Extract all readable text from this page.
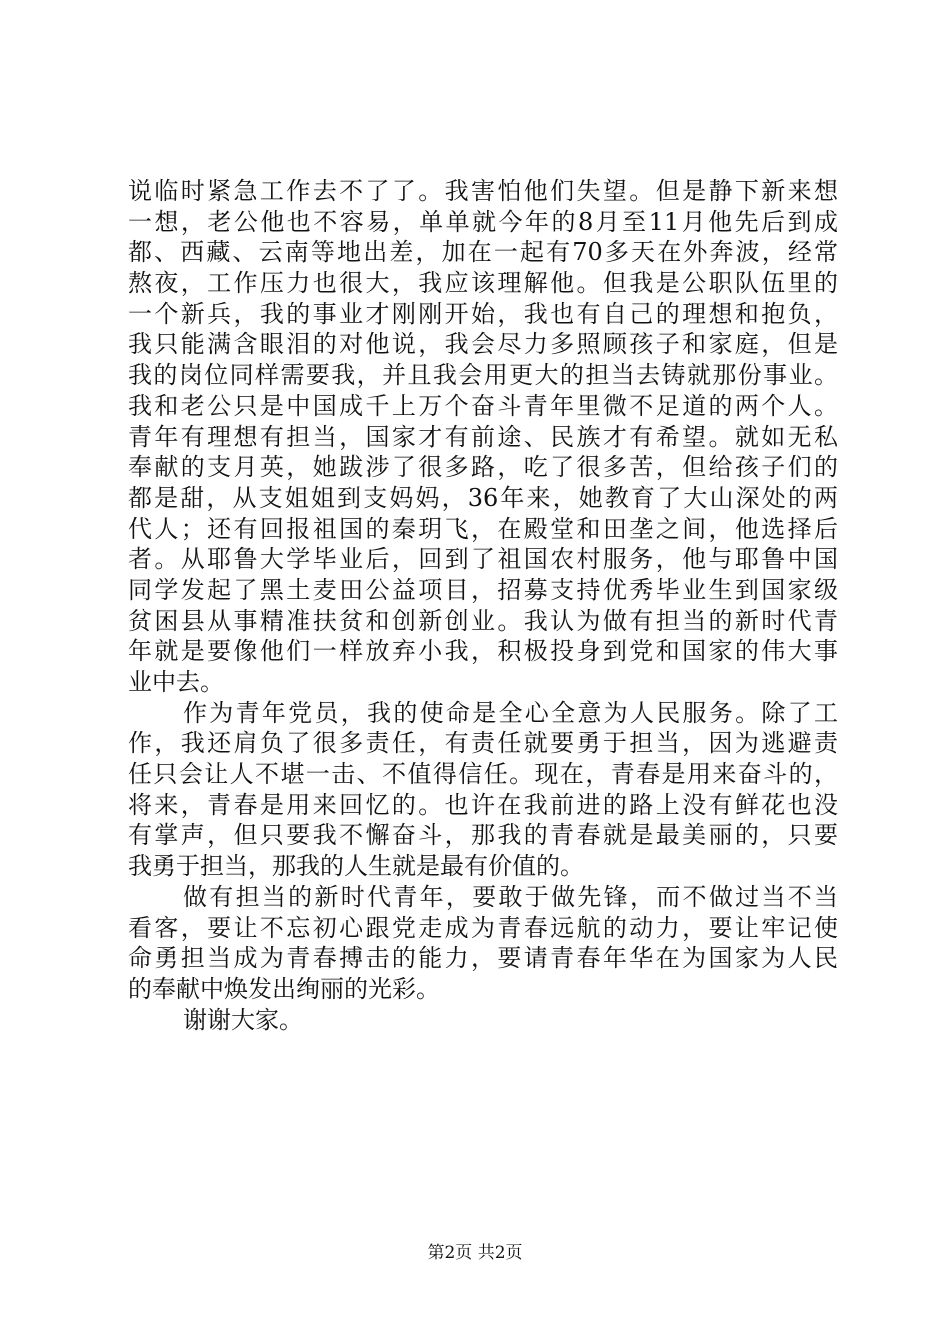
说临时紧急工作去不了了。我害怕他们失望。但是静下新来想
一想，老公他也不容易，单单就今年的8月至11月他先后到成
都、西藏、云南等地出差，加在一起有70多天在外奔波，经常
熬夜，工作压力也很大，我应该理解他。但我是公职队伍里的
一个新兵，我的事业才刚刚开始，我也有自己的理想和抱负，
我只能满含眼泪的对他说，我会尽力多照顾孩子和家庭，但是
我的岗位同样需要我，并且我会用更大的担当去铸就那份事业。
我和老公只是中国成千上万个奋斗青年里微不足道的两个人。
青年有理想有担当，国家才有前途、民族才有希望。就如无私
奉献的支月英，她跋涉了很多路，吃了很多苦，但给孩子们的
都是甜，从支姐姐到支妈妈，36年来，她教育了大山深处的两
代人；还有回报祖国的秦玥飞，在殿堂和田垄之间，他选择后
者。从耶鲁大学毕业后，回到了祖国农村服务，他与耶鲁中国
同学发起了黑土麦田公益项目，招募支持优秀毕业生到国家级
贫困县从事精准扶贫和创新创业。我认为做有担当的新时代青
年就是要像他们一样放弃小我，积极投身到党和国家的伟大事
业中去。
作为青年党员，我的使命是全心全意为人民服务。除了工
作，我还肩负了很多责任，有责任就要勇于担当，因为逃避责
任只会让人不堪一击、不值得信任。现在，青春是用来奋斗的，
将来，青春是用来回忆的。也许在我前进的路上没有鲜花也没
有掌声，但只要我不懈奋斗，那我的青春就是最美丽的，只要
我勇于担当，那我的人生就是最有价值的。
做有担当的新时代青年，要敢于做先锋，而不做过当不当
看客，要让不忘初心跟党走成为青春远航的动力，要让牢记使
命勇担当成为青春搏击的能力，要请青春年华在为国家为人民
的奉献中焕发出绚丽的光彩。
谢谢大家。
第2页 共2页
